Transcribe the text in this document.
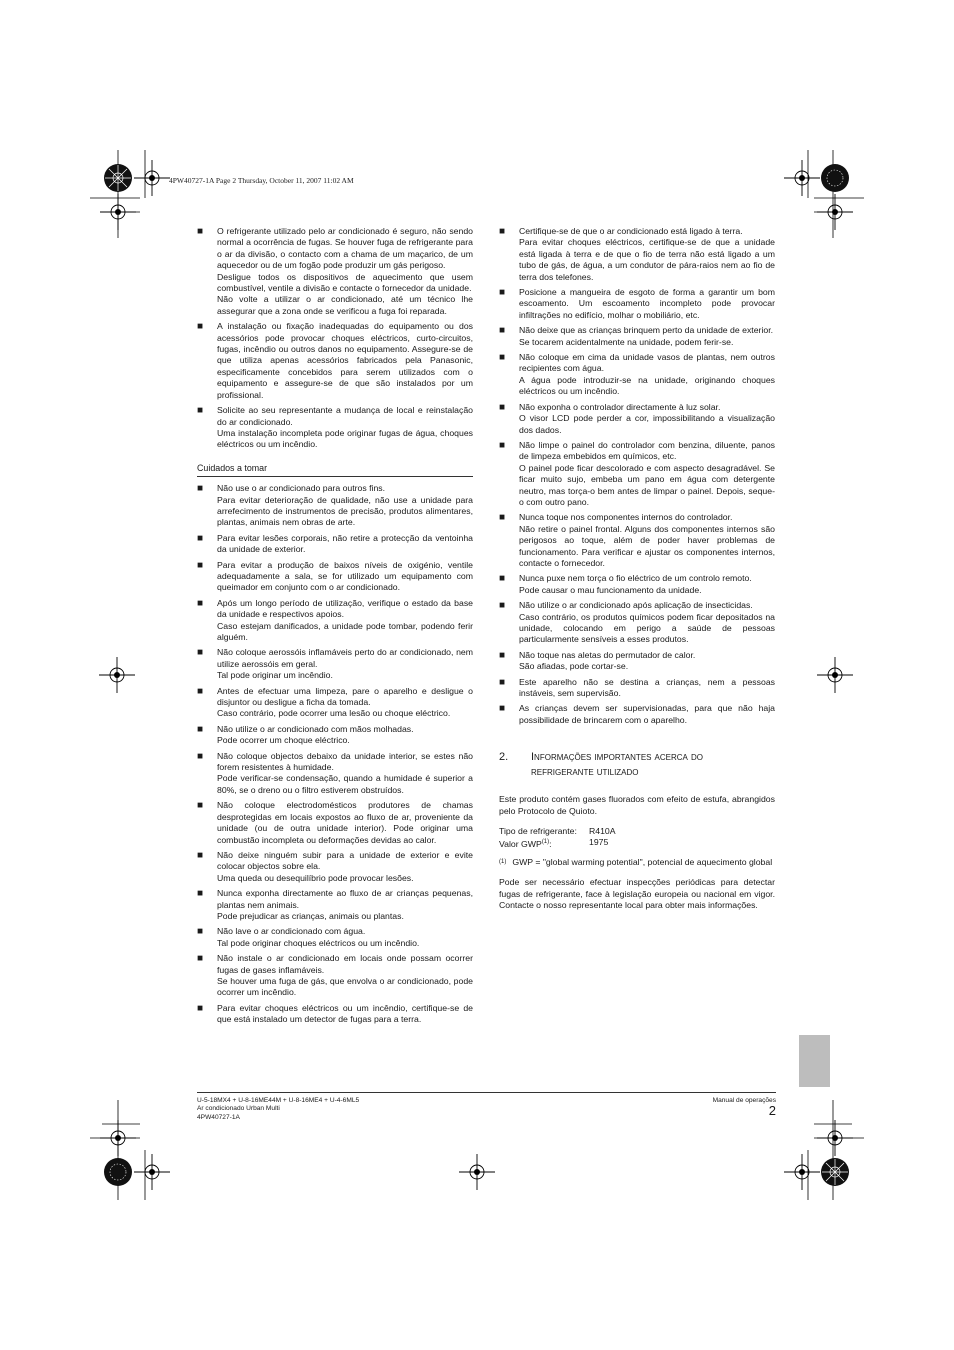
4PW40727-1A Page 2 Thursday, October 11, 2007 11:02 AM
■	O refrigerante utilizado pelo ar condicionado é seguro, não sendo normal a ocorrência de fugas. Se houver fuga de refrigerante para o ar da divisão, o contacto com a chama de um maçarico, de um aquecedor ou de um fogão pode produzir um gás perigoso.

Desligue todos os dispositivos de aquecimento que usem combustível, ventile a divisão e contacte o fornecedor da unidade.

Não volte a utilizar o ar condicionado, até um técnico lhe assegurar que a zona onde se verificou a fuga foi reparada.

■	A instalação ou fixação inadequadas do equipamento ou dos acessórios pode provocar choques eléctricos, curto-circuitos, fugas, incêndio ou outros danos no equipamento. Assegure-se de que utiliza apenas acessórios fabricados pela Panasonic, especificamente concebidos para serem utilizados com o equipamento e assegure-se de que são instalados por um profissional.

■	Solicite ao seu representante a mudança de local e reinstalação do ar condicionado.

Uma instalação incompleta pode originar fugas de água, choques eléctricos ou um incêndio.

Cuidados a tomar
■	Não use o ar condicionado para outros fins.

Para evitar deterioração de qualidade, não use a unidade para arrefecimento de instrumentos de precisão, produtos alimentares, plantas, animais nem obras de arte.

■	Para evitar lesões corporais, não retire a protecção da ventoinha da unidade de exterior.

■	Para evitar a produção de baixos níveis de oxigénio, ventile adequadamente a sala, se for utilizado um equipamento com queimador em conjunto com o ar condicionado.

■	Após um longo período de utilização, verifique o estado da base da unidade e respectivos apoios.

Caso estejam danificados, a unidade pode tombar, podendo ferir alguém.

■	Não coloque aerossóis inflamáveis perto do ar condicionado, nem utilize aerossóis em geral.

Tal pode originar um incêndio.

■	Antes de efectuar uma limpeza, pare o aparelho e desligue o disjuntor ou desligue a ficha da tomada.

Caso contrário, pode ocorrer uma lesão ou choque eléctrico.

■	Não utilize o ar condicionado com mãos molhadas.

Pode ocorrer um choque eléctrico.

■	Não coloque objectos debaixo da unidade interior, se estes não forem resistentes à humidade.

Pode verificar-se condensação, quando a humidade é superior a 80%, se o dreno ou o filtro estiverem obstruídos.

■	Não coloque electrodomésticos produtores de chamas desprotegidas em locais expostos ao fluxo de ar, proveniente da unidade (ou de outra unidade interior). Pode originar uma combustão incompleta ou deformações devidas ao calor.

■	Não deixe ninguém subir para a unidade de exterior e evite colocar objectos sobre ela.

Uma queda ou desequilíbrio pode provocar lesões.

■	Nunca exponha directamente ao fluxo de ar crianças pequenas, plantas nem animais.

Pode prejudicar as crianças, animais ou plantas.

■	Não lave o ar condicionado com água.

Tal pode originar choques eléctricos ou um incêndio.

■	Não instale o ar condicionado em locais onde possam ocorrer fugas de gases inflamáveis.

Se houver uma fuga de gás, que envolva o ar condicionado, pode ocorrer um incêndio.

■	Para evitar choques eléctricos ou um incêndio, certifique-se de que está instalado um detector de fugas para a terra.

■	Certifique-se de que o ar condicionado está ligado à terra.

Para evitar choques eléctricos, certifique-se de que a unidade está ligada à terra e de que o fio de terra não está ligado a um tubo de gás, de água, a um condutor de pára-raios nem ao fio de terra dos telefones.

■	Posicione a mangueira de esgoto de forma a garantir um bom escoamento. Um escoamento incompleto pode provocar infiltrações no edifício, molhar o mobiliário, etc.

■	Não deixe que as crianças brinquem perto da unidade de exterior.

Se tocarem acidentalmente na unidade, podem ferir-se.

■	Não coloque em cima da unidade vasos de plantas, nem outros recipientes com água.

A água pode introduzir-se na unidade, originando choques eléctricos ou um incêndio.

■	Não exponha o controlador directamente à luz solar.

O visor LCD pode perder a cor, impossibilitando a visualização dos dados.

■	Não limpe o painel do controlador com benzina, diluente, panos de limpeza embebidos em químicos, etc.

O painel pode ficar descolorado e com aspecto desagradável. Se ficar muito sujo, embeba um pano em água com detergente neutro, mas torça-o bem antes de limpar o painel. Depois, seque-o com outro pano.

■	Nunca toque nos componentes internos do controlador.

Não retire o painel frontal. Alguns dos componentes internos são perigosos ao toque, além de poder haver problemas de funcionamento. Para verificar e ajustar os componentes internos, contacte o fornecedor.

■	Nunca puxe nem torça o fio eléctrico de um controlo remoto.

Pode causar o mau funcionamento da unidade.

■	Não utilize o ar condicionado após aplicação de insecticidas.

Caso contrário, os produtos químicos podem ficar depositados na unidade, colocando em perigo a saúde de pessoas particularmente sensíveis a esses produtos.

■	Não toque nas aletas do permutador de calor.

São afiadas, pode cortar-se.

■	Este aparelho não se destina a crianças, nem a pessoas instáveis, sem supervisão.

■	As crianças devem ser supervisionadas, para que não haja possibilidade de brincarem com o aparelho.

2.	Informações importantes acerca do
refrigerante utilizado

Este produto contém gases fluorados com efeito de estufa, abrangidos pelo Protocolo de Quioto.

Tipo de refrigerante:	R410A
Valor GWP$^{(1)}$:	1975
(1) GWP = "global warming potential", potencial de aquecimento global

Pode ser necessário efectuar inspecções periódicas para detectar fugas de refrigerante, face à legislação europeia ou nacional em vigor. Contacte o nosso representante local para obter mais informações.

U-5-18MX4 + U-8-16ME44M + U-8-16ME4 + U-4-6ML5
Ar condicionado Urban Multi
4PW40727-1A
Manual de operações
2
